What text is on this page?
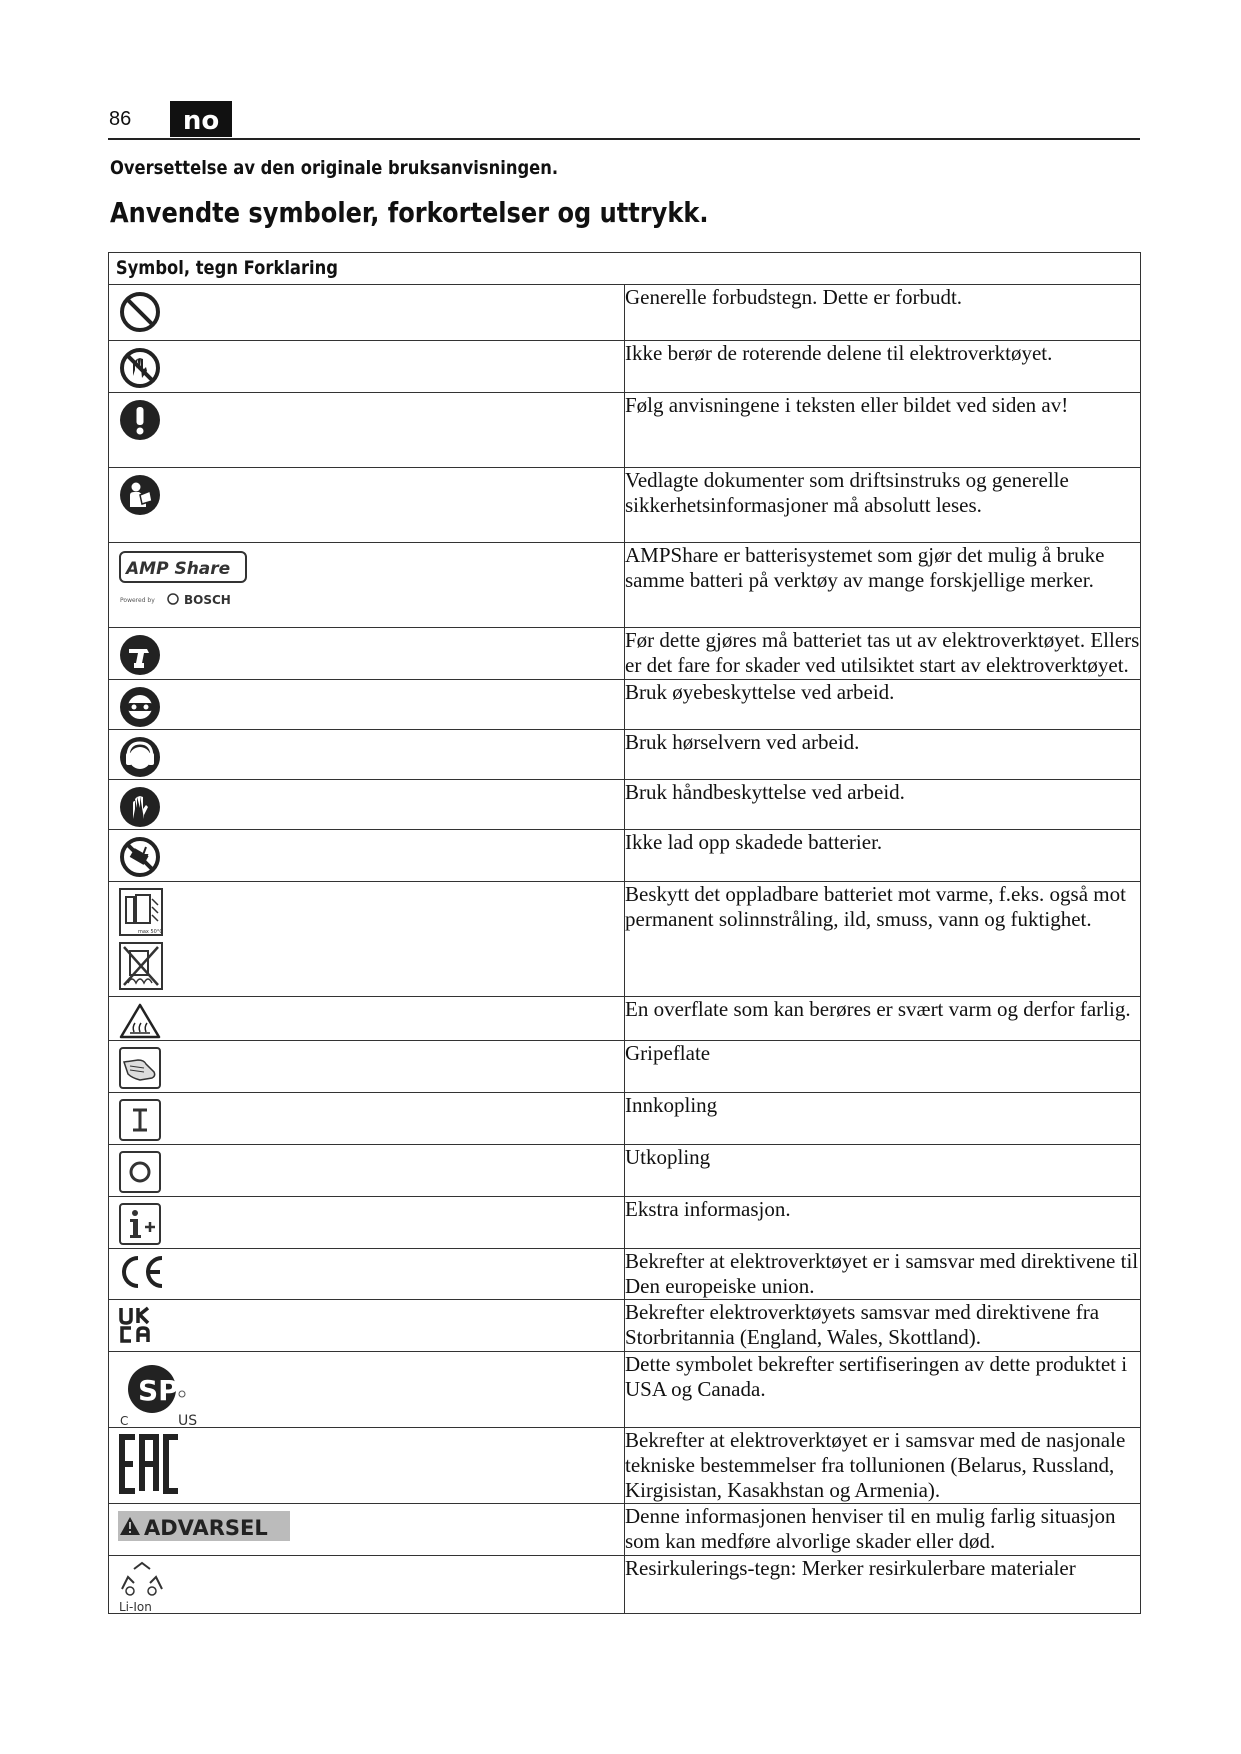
86	no
Oversettelse av den originale bruksanvisningen.
Anvendte symboler, forkortelser og uttrykk.
Symbol, tegn Forklaring	

	Generelle forbudstegn. Dette er forbudt.

	Ikke berør de roterende delene til elektroverktøyet.

	Følg anvisningene i teksten eller bildet ved siden av!

	Vedlagte dokumenter som driftsinstruks og generelle sikkerhetsinformasjoner må absolutt leses.

AMP Share
Powered by BOSCH	AMPShare er batterisystemet som gjør det mulig å bruke samme batteri på verktøy av mange forskjellige merker.

	Før dette gjøres må batteriet tas ut av elektroverktøyet. Ellers er det fare for skader ved utilsiktet start av elektroverktøyet.

	Bruk øyebeskyttelse ved arbeid.

	Bruk hørselvern ved arbeid.

	Bruk håndbeskyttelse ved arbeid.

	Ikke lad opp skadede batterier.

max 50°C	Beskytt det oppladbare batteriet mot varme, f.eks. også mot permanent solinnstråling, ild, smuss, vann og fuktighet.

	En overflate som kan berøres er svært varm og derfor farlig.

	Gripeflate

	Innkopling

	Utkopling

	Ekstra informasjon.

	Bekrefter at elektroverktøyet er i samsvar med direktivene til Den europeiske union.

	Bekrefter elektroverktøyets samsvar med direktivene fra Storbritannia (England, Wales, Skottland).

SP
C US	Dette symbolet bekrefter sertifiseringen av dette produktet i USA og Canada.

	Bekrefter at elektroverktøyet er i samsvar med de nasjonale tekniske bestemmelser fra tollunionen (Belarus, Russland, Kirgisistan, Kasakhstan og Armenia).

ADVARSEL	Denne informasjonen henviser til en mulig farlig situasjon som kan medføre alvorlige skader eller død.

Li-Ion	Resirkulerings-tegn: Merker resirkulerbare materialer
